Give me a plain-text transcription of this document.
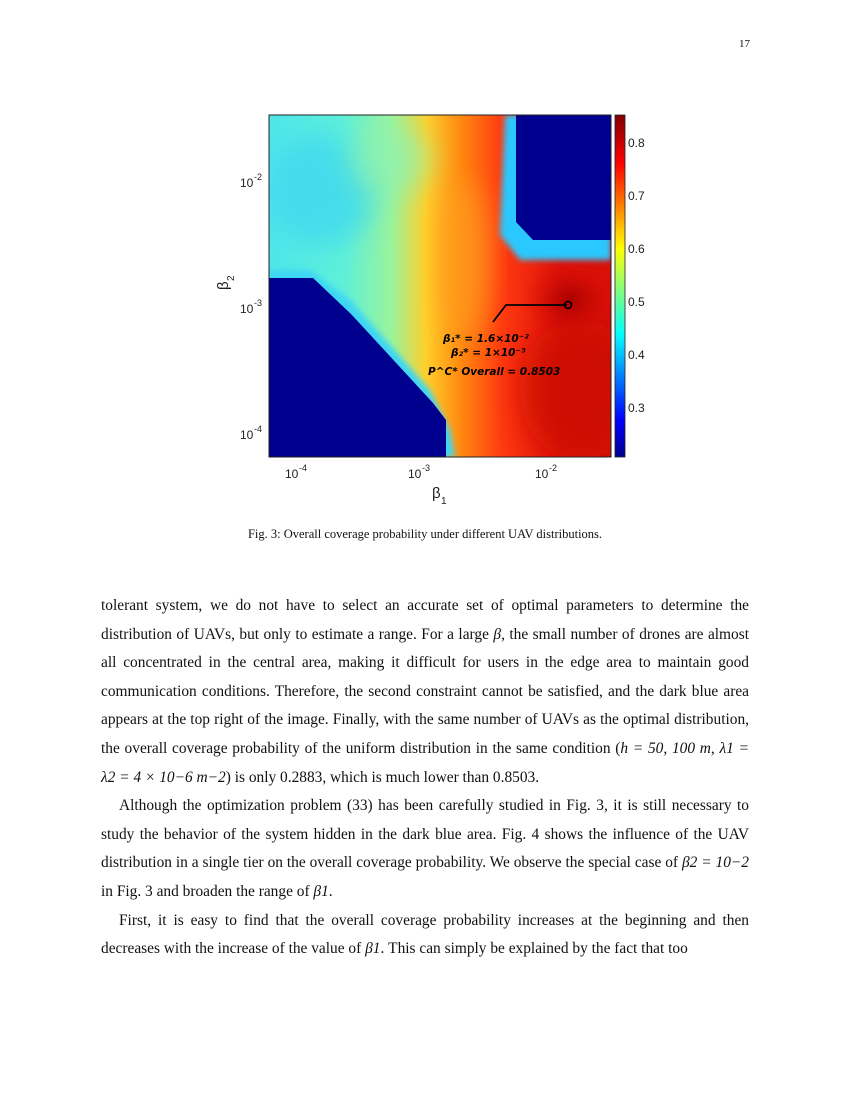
17
10 -4	10 -3	10 -2
β 1
10 -2
10 -3
10 -4
β
2
0.8
0.7
0.6
0.5
0.4
0.3
β₁* = 1.6×10⁻²
β₂* = 1×10⁻³
P^C* Overall = 0.8503
Fig. 3: Overall coverage probability under different UAV distributions.

tolerant system, we do not have to select an accurate set of optimal parameters to determine the distribution of UAVs, but only to estimate a range. For a large β, the small number of drones are almost all concentrated in the central area, making it difficult for users in the edge area to maintain good communication conditions. Therefore, the second constraint cannot be satisfied, and the dark blue area appears at the top right of the image. Finally, with the same number of UAVs as the optimal distribution, the overall coverage probability of the uniform distribution in the same condition (h = 50, 100 m, λ1 = λ2 = 4 × 10−6 m−2) is only 0.2883, which is much lower than 0.8503.

Although the optimization problem (33) has been carefully studied in Fig. 3, it is still necessary to study the behavior of the system hidden in the dark blue area. Fig. 4 shows the influence of the UAV distribution in a single tier on the overall coverage probability. We observe the special case of β2 = 10−2 in Fig. 3 and broaden the range of β1.

First, it is easy to find that the overall coverage probability increases at the beginning and then decreases with the increase of the value of β1. This can simply be explained by the fact that too
